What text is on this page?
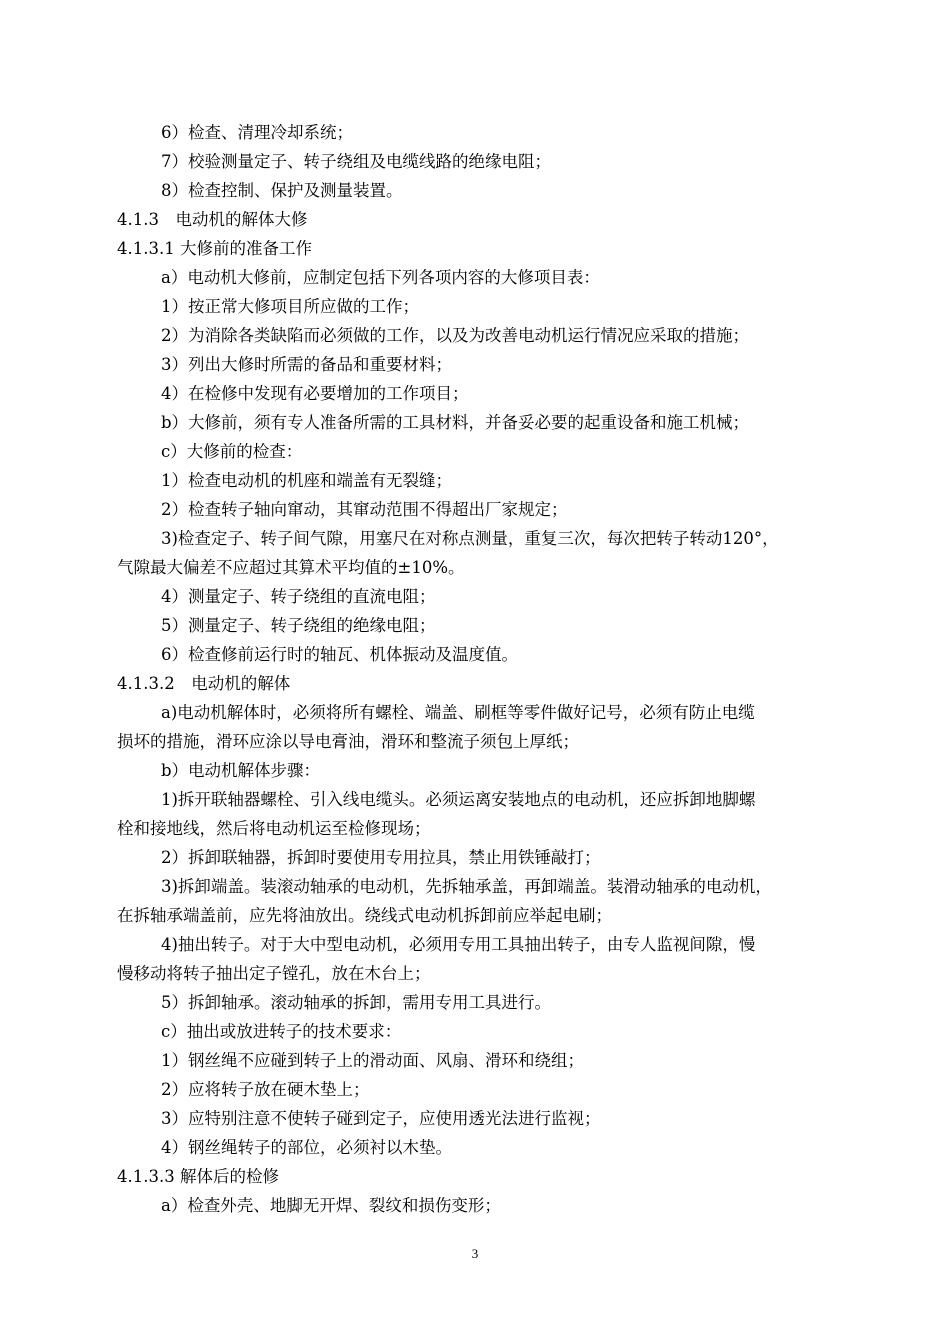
6）检查、清理冷却系统；
7）校验测量定子、转子绕组及电缆线路的绝缘电阻；
8）检查控制、保护及测量装置。
4.1.3　电动机的解体大修
4.1.3.1 大修前的准备工作
a）电动机大修前，应制定包括下列各项内容的大修项目表：
1）按正常大修项目所应做的工作；
2）为消除各类缺陷而必须做的工作，以及为改善电动机运行情况应采取的措施；
3）列出大修时所需的备品和重要材料；
4）在检修中发现有必要增加的工作项目；
b）大修前，须有专人准备所需的工具材料，并备妥必要的起重设备和施工机械；
c）大修前的检查：
1）检查电动机的机座和端盖有无裂缝；
2）检查转子轴向窜动，其窜动范围不得超出厂家规定；
3)检查定子、转子间气隙，用塞尺在对称点测量，重复三次，每次把转子转动120°，
气隙最大偏差不应超过其算术平均值的±10%。
4）测量定子、转子绕组的直流电阻；
5）测量定子、转子绕组的绝缘电阻；
6）检查修前运行时的轴瓦、机体振动及温度值。
4.1.3.2　电动机的解体
a)电动机解体时，必须将所有螺栓、端盖、刷框等零件做好记号，必须有防止电缆
损坏的措施，滑环应涂以导电膏油，滑环和整流子须包上厚纸；
b）电动机解体步骤：
1)拆开联轴器螺栓、引入线电缆头。必须运离安装地点的电动机，还应拆卸地脚螺
栓和接地线，然后将电动机运至检修现场；
2）拆卸联轴器，拆卸时要使用专用拉具，禁止用铁锤敲打；
3)拆卸端盖。装滚动轴承的电动机，先拆轴承盖，再卸端盖。装滑动轴承的电动机，
在拆轴承端盖前，应先将油放出。绕线式电动机拆卸前应举起电刷；
4)抽出转子。对于大中型电动机，必须用专用工具抽出转子，由专人监视间隙，慢
慢移动将转子抽出定子镗孔，放在木台上；
5）拆卸轴承。滚动轴承的拆卸，需用专用工具进行。
c）抽出或放进转子的技术要求：
1）钢丝绳不应碰到转子上的滑动面、风扇、滑环和绕组；
2）应将转子放在硬木垫上；
3）应特别注意不使转子碰到定子，应使用透光法进行监视；
4）钢丝绳转子的部位，必须衬以木垫。
4.1.3.3 解体后的检修
a）检查外壳、地脚无开焊、裂纹和损伤变形；
3
